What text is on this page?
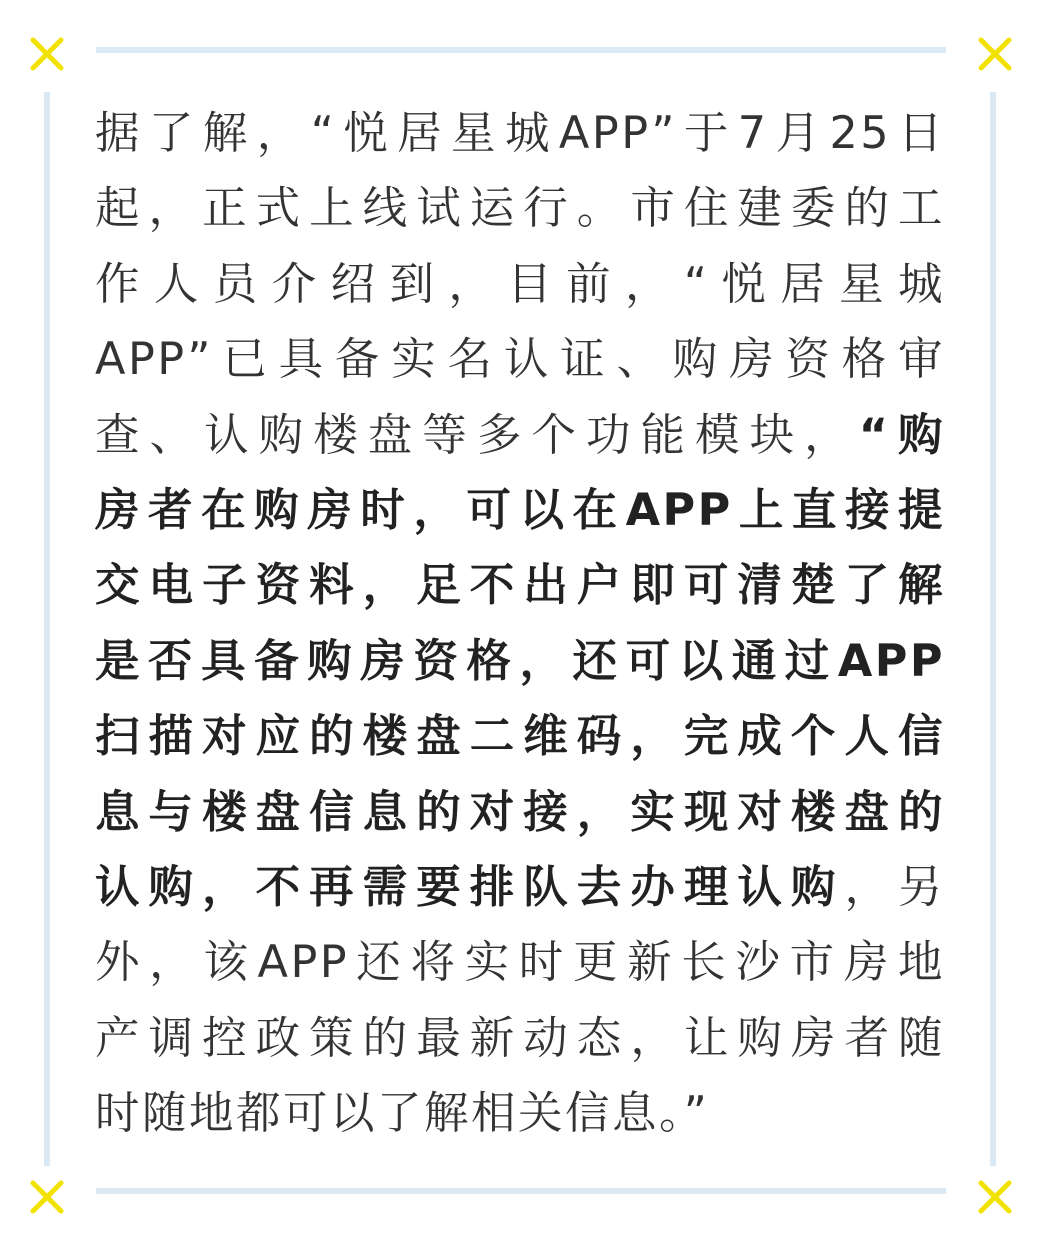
据了解，“悦居星城APP”于7月25日
起，正式上线试运行。市住建委的工
作人员介绍到，目前，“悦居星城
APP”已具备实名认证、购房资格审
查、认购楼盘等多个功能模块，“购
房者在购房时，可以在APP上直接提
交电子资料，足不出户即可清楚了解
是否具备购房资格，还可以通过APP
扫描对应的楼盘二维码，完成个人信
息与楼盘信息的对接，实现对楼盘的
认购，不再需要排队去办理认购，另
外，该APP还将实时更新长沙市房地
产调控政策的最新动态，让购房者随
时随地都可以了解相关信息。”
